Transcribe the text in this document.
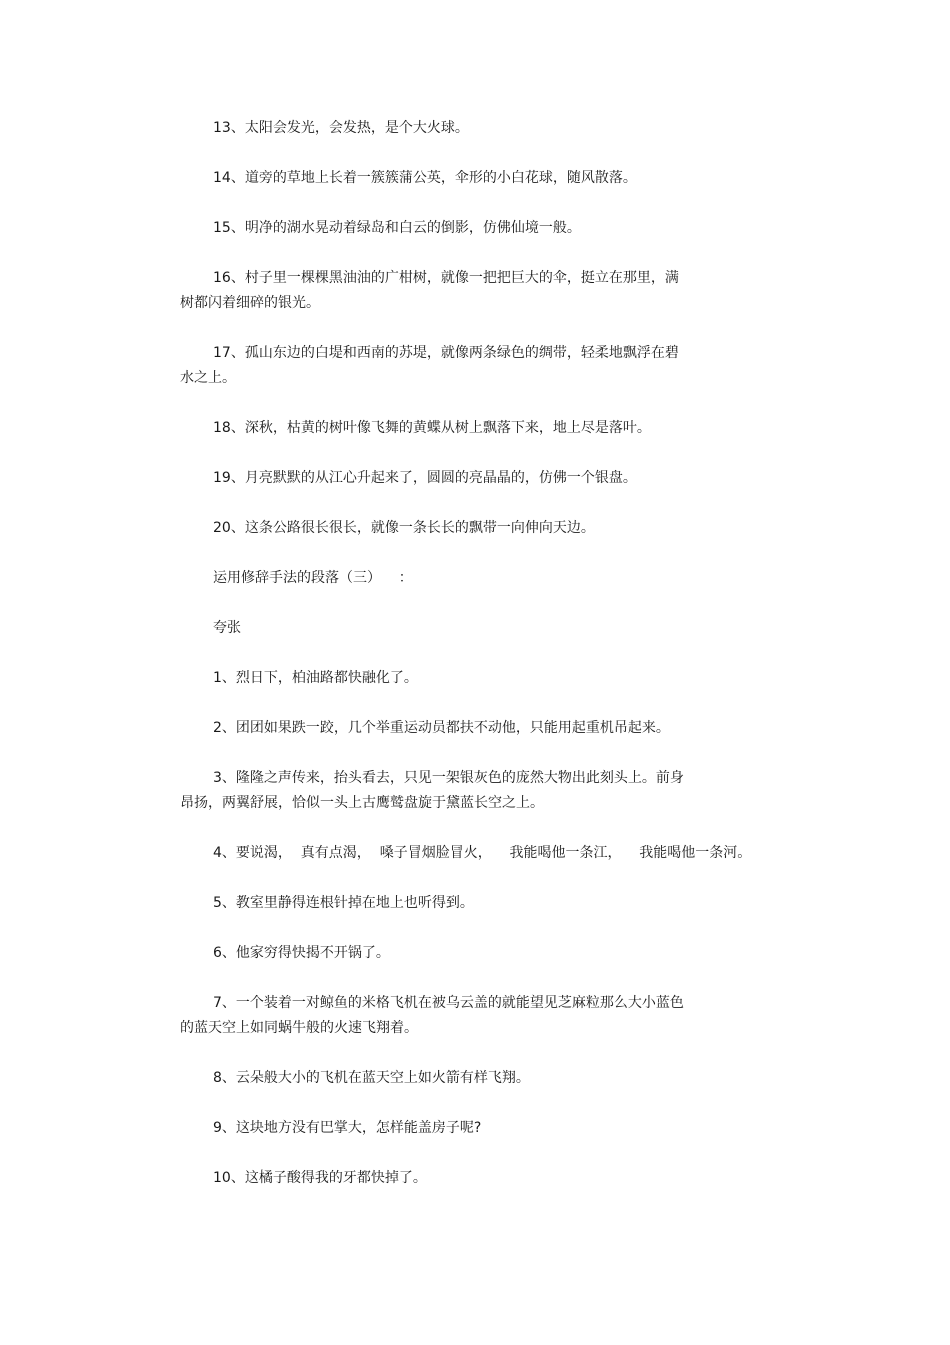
13、太阳会发光，会发热，是个大火球。

14、道旁的草地上长着一簇簇蒲公英，伞形的小白花球，随风散落。

15、明净的湖水晃动着绿岛和白云的倒影，仿佛仙境一般。

16、村子里一棵棵黑油油的广柑树，就像一把把巨大的伞，挺立在那里，满
树都闪着细碎的银光。

17、孤山东边的白堤和西南的苏堤，就像两条绿色的绸带，轻柔地飘浮在碧
水之上。

18、深秋，枯黄的树叶像飞舞的黄蝶从树上飘落下来，地上尽是落叶。

19、月亮默默的从江心升起来了，圆圆的亮晶晶的，仿佛一个银盘。

20、这条公路很长很长，就像一条长长的飘带一向伸向天边。

运用修辞手法的段落（三）    ：

夸张

1、烈日下，柏油路都快融化了。

2、团团如果跌一跤，几个举重运动员都扶不动他，只能用起重机吊起来。

3、隆隆之声传来，抬头看去，只见一架银灰色的庞然大物出此刻头上。前身
昂扬，两翼舒展，恰似一头上古鹰鹫盘旋于黛蓝长空之上。

4、要说渴，  真有点渴，  嗓子冒烟脸冒火，    我能喝他一条江，    我能喝他一条河。

5、教室里静得连根针掉在地上也听得到。

6、他家穷得快揭不开锅了。

7、一个装着一对鲸鱼的米格飞机在被乌云盖的就能望见芝麻粒那么大小蓝色
的蓝天空上如同蜗牛般的火速飞翔着。

8、云朵般大小的飞机在蓝天空上如火箭有样飞翔。

9、这块地方没有巴掌大，怎样能盖房子呢?

10、这橘子酸得我的牙都快掉了。
